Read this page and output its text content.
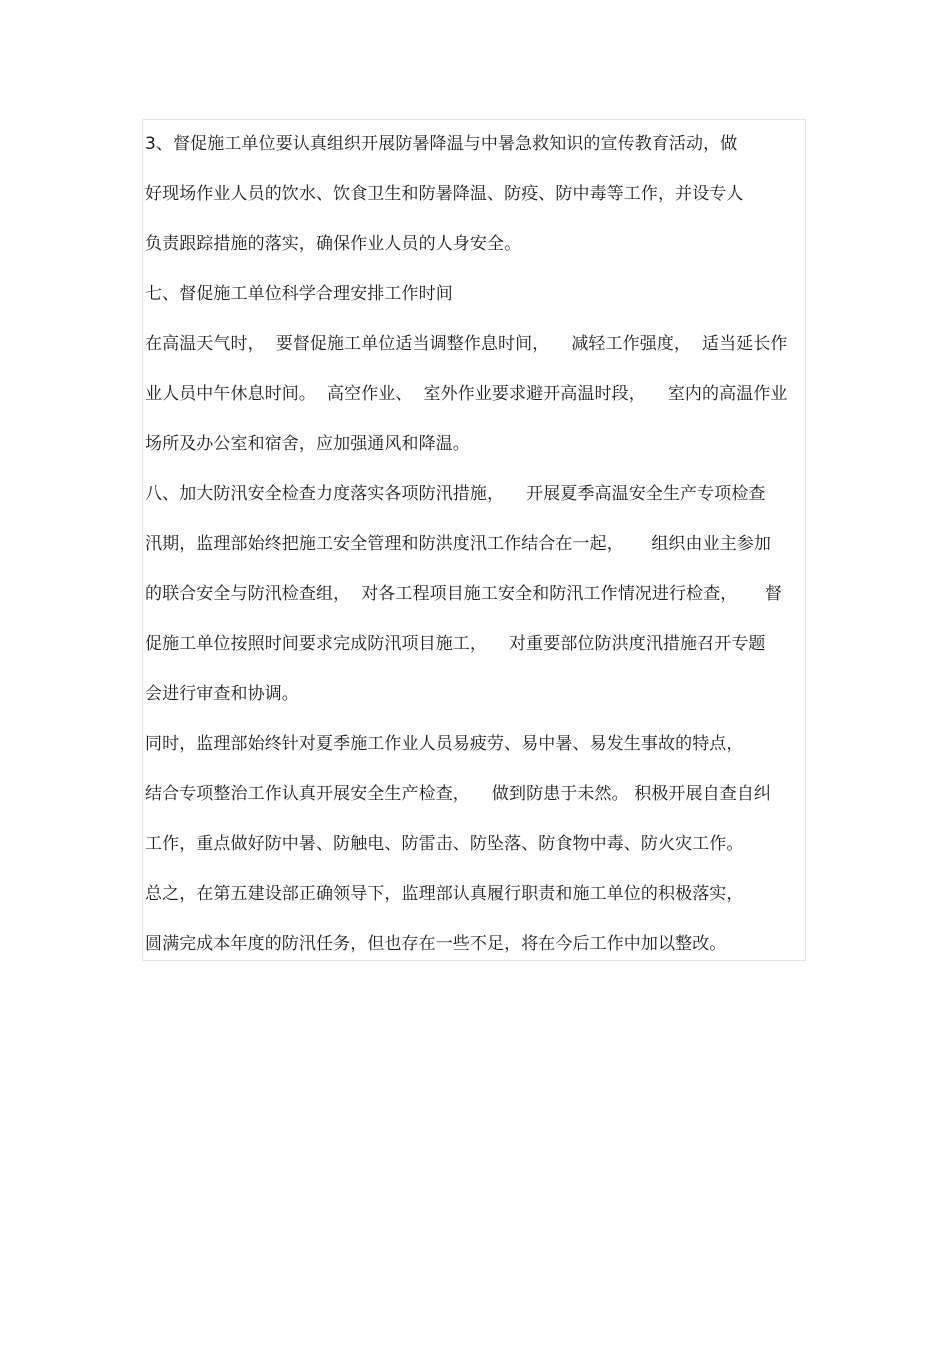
3、督促施工单位要认真组织开展防暑降温与中暑急救知识的宣传教育活动，做
好现场作业人员的饮水、饮食卫生和防暑降温、防疫、防中毒等工作，并设专人
负责跟踪措施的落实，确保作业人员的人身安全。
七、督促施工单位科学合理安排工作时间
在高温天气时，  要督促施工单位适当调整作息时间，    减轻工作强度，  适当延长作
业人员中午休息时间。  高空作业、  室外作业要求避开高温时段，    室内的高温作业
场所及办公室和宿舍，应加强通风和降温。
八、加大防汛安全检查力度落实各项防汛措施，    开展夏季高温安全生产专项检查
汛期，监理部始终把施工安全管理和防洪度汛工作结合在一起，     组织由业主参加
的联合安全与防汛检查组，  对各工程项目施工安全和防汛工作情况进行检查，     督
促施工单位按照时间要求完成防汛项目施工，    对重要部位防洪度汛措施召开专题
会进行审查和协调。
同时，监理部始终针对夏季施工作业人员易疲劳、易中暑、易发生事故的特点，
结合专项整治工作认真开展安全生产检查，    做到防患于未然。 积极开展自查自纠
工作，重点做好防中暑、防触电、防雷击、防坠落、防食物中毒、防火灾工作。
总之，在第五建设部正确领导下，监理部认真履行职责和施工单位的积极落实，
圆满完成本年度的防汛任务，但也存在一些不足，将在今后工作中加以整改。
